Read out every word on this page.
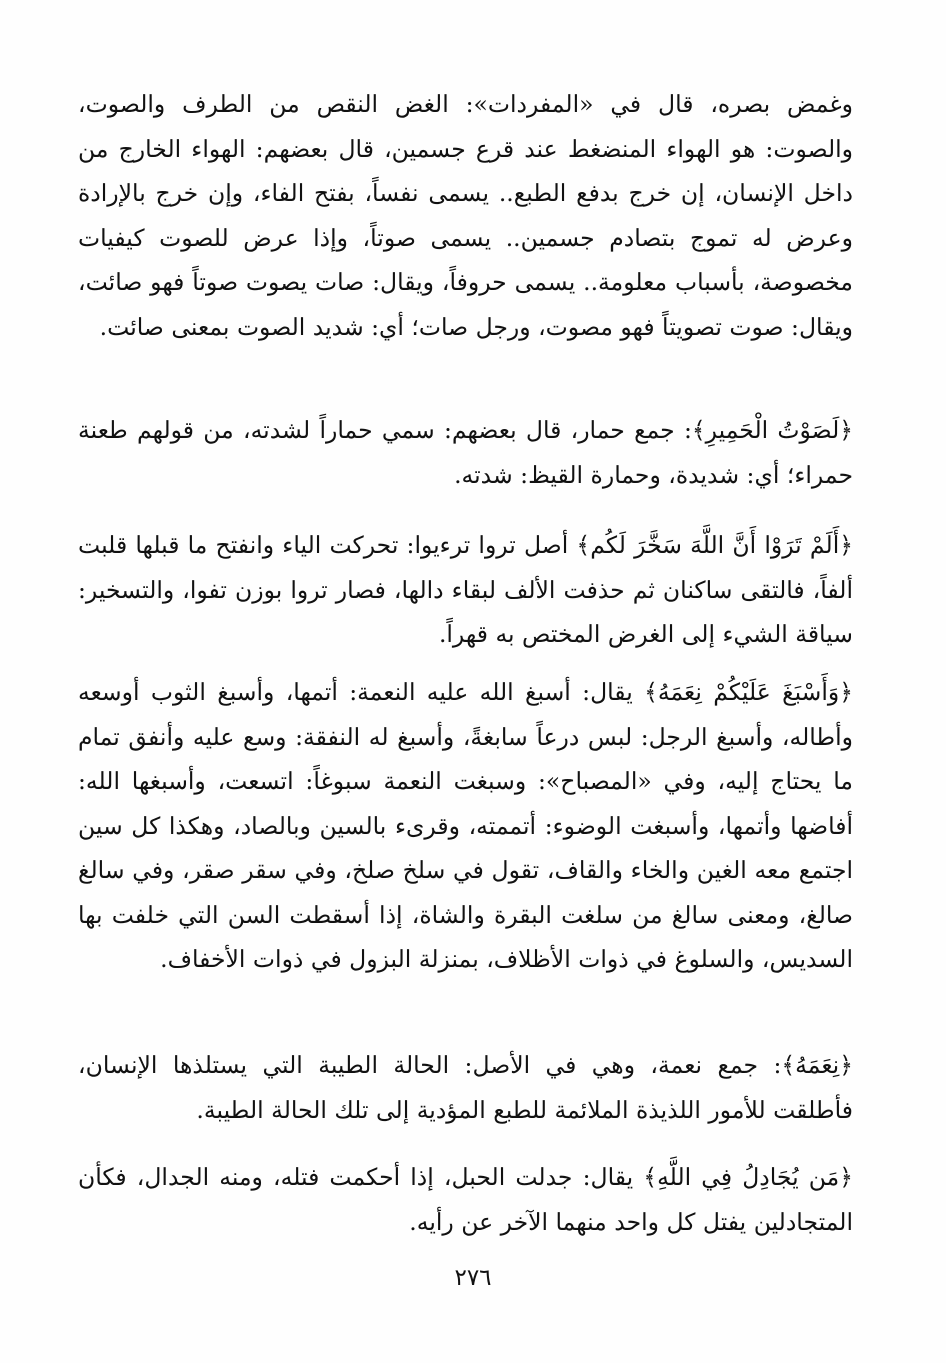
وغمض بصره، قال في «المفردات»: الغض النقص من الطرف والصوت، والصوت: هو الهواء المنضغط عند قرع جسمين، قال بعضهم: الهواء الخارج من داخل الإنسان، إن خرج بدفع الطبع.. يسمى نفساً، بفتح الفاء، وإن خرج بالإرادة وعرض له تموج بتصادم جسمين.. يسمى صوتاً، وإذا عرض للصوت كيفيات مخصوصة، بأسباب معلومة.. يسمى حروفاً، ويقال: صات يصوت صوتاً فهو صائت، ويقال: صوت تصويتاً فهو مصوت، ورجل صات؛ أي: شديد الصوت بمعنى صائت.

﴿لَصَوْتُ الْحَمِيرِ﴾: جمع حمار، قال بعضهم: سمي حماراً لشدته، من قولهم طعنة حمراء؛ أي: شديدة، وحمارة القيظ: شدته.

﴿أَلَمْ تَرَوْا أَنَّ اللَّهَ سَخَّرَ لَكُم﴾ أصل تروا ترءيوا: تحركت الياء وانفتح ما قبلها قلبت ألفاً، فالتقى ساكنان ثم حذفت الألف لبقاء دالها، فصار تروا بوزن تفوا، والتسخير: سياقة الشيء إلى الغرض المختص به قهراً.

﴿وَأَسْبَغَ عَلَيْكُمْ نِعَمَهُ﴾ يقال: أسبغ الله عليه النعمة: أتمها، وأسبغ الثوب أوسعه وأطاله، وأسبغ الرجل: لبس درعاً سابغةً، وأسبغ له النفقة: وسع عليه وأنفق تمام ما يحتاج إليه، وفي «المصباح»: وسبغت النعمة سبوغاً: اتسعت، وأسبغها الله: أفاضها وأتمها، وأسبغت الوضوء: أتممته، وقرىء بالسين وبالصاد، وهكذا كل سين اجتمع معه الغين والخاء والقاف، تقول في سلخ صلخ، وفي سقر صقر، وفي سالغ صالغ، ومعنى سالغ من سلغت البقرة والشاة، إذا أسقطت السن التي خلفت بها السديس، والسلوغ في ذوات الأظلاف، بمنزلة البزول في ذوات الأخفاف.

﴿نِعَمَهُ﴾: جمع نعمة، وهي في الأصل: الحالة الطيبة التي يستلذها الإنسان، فأطلقت للأمور اللذيذة الملائمة للطبع المؤدية إلى تلك الحالة الطيبة.

﴿مَن يُجَادِلُ فِي اللَّهِ﴾ يقال: جدلت الحبل، إذا أحكمت فتله، ومنه الجدال، فكأن المتجادلين يفتل كل واحد منهما الآخر عن رأيه.

٢٧٦
